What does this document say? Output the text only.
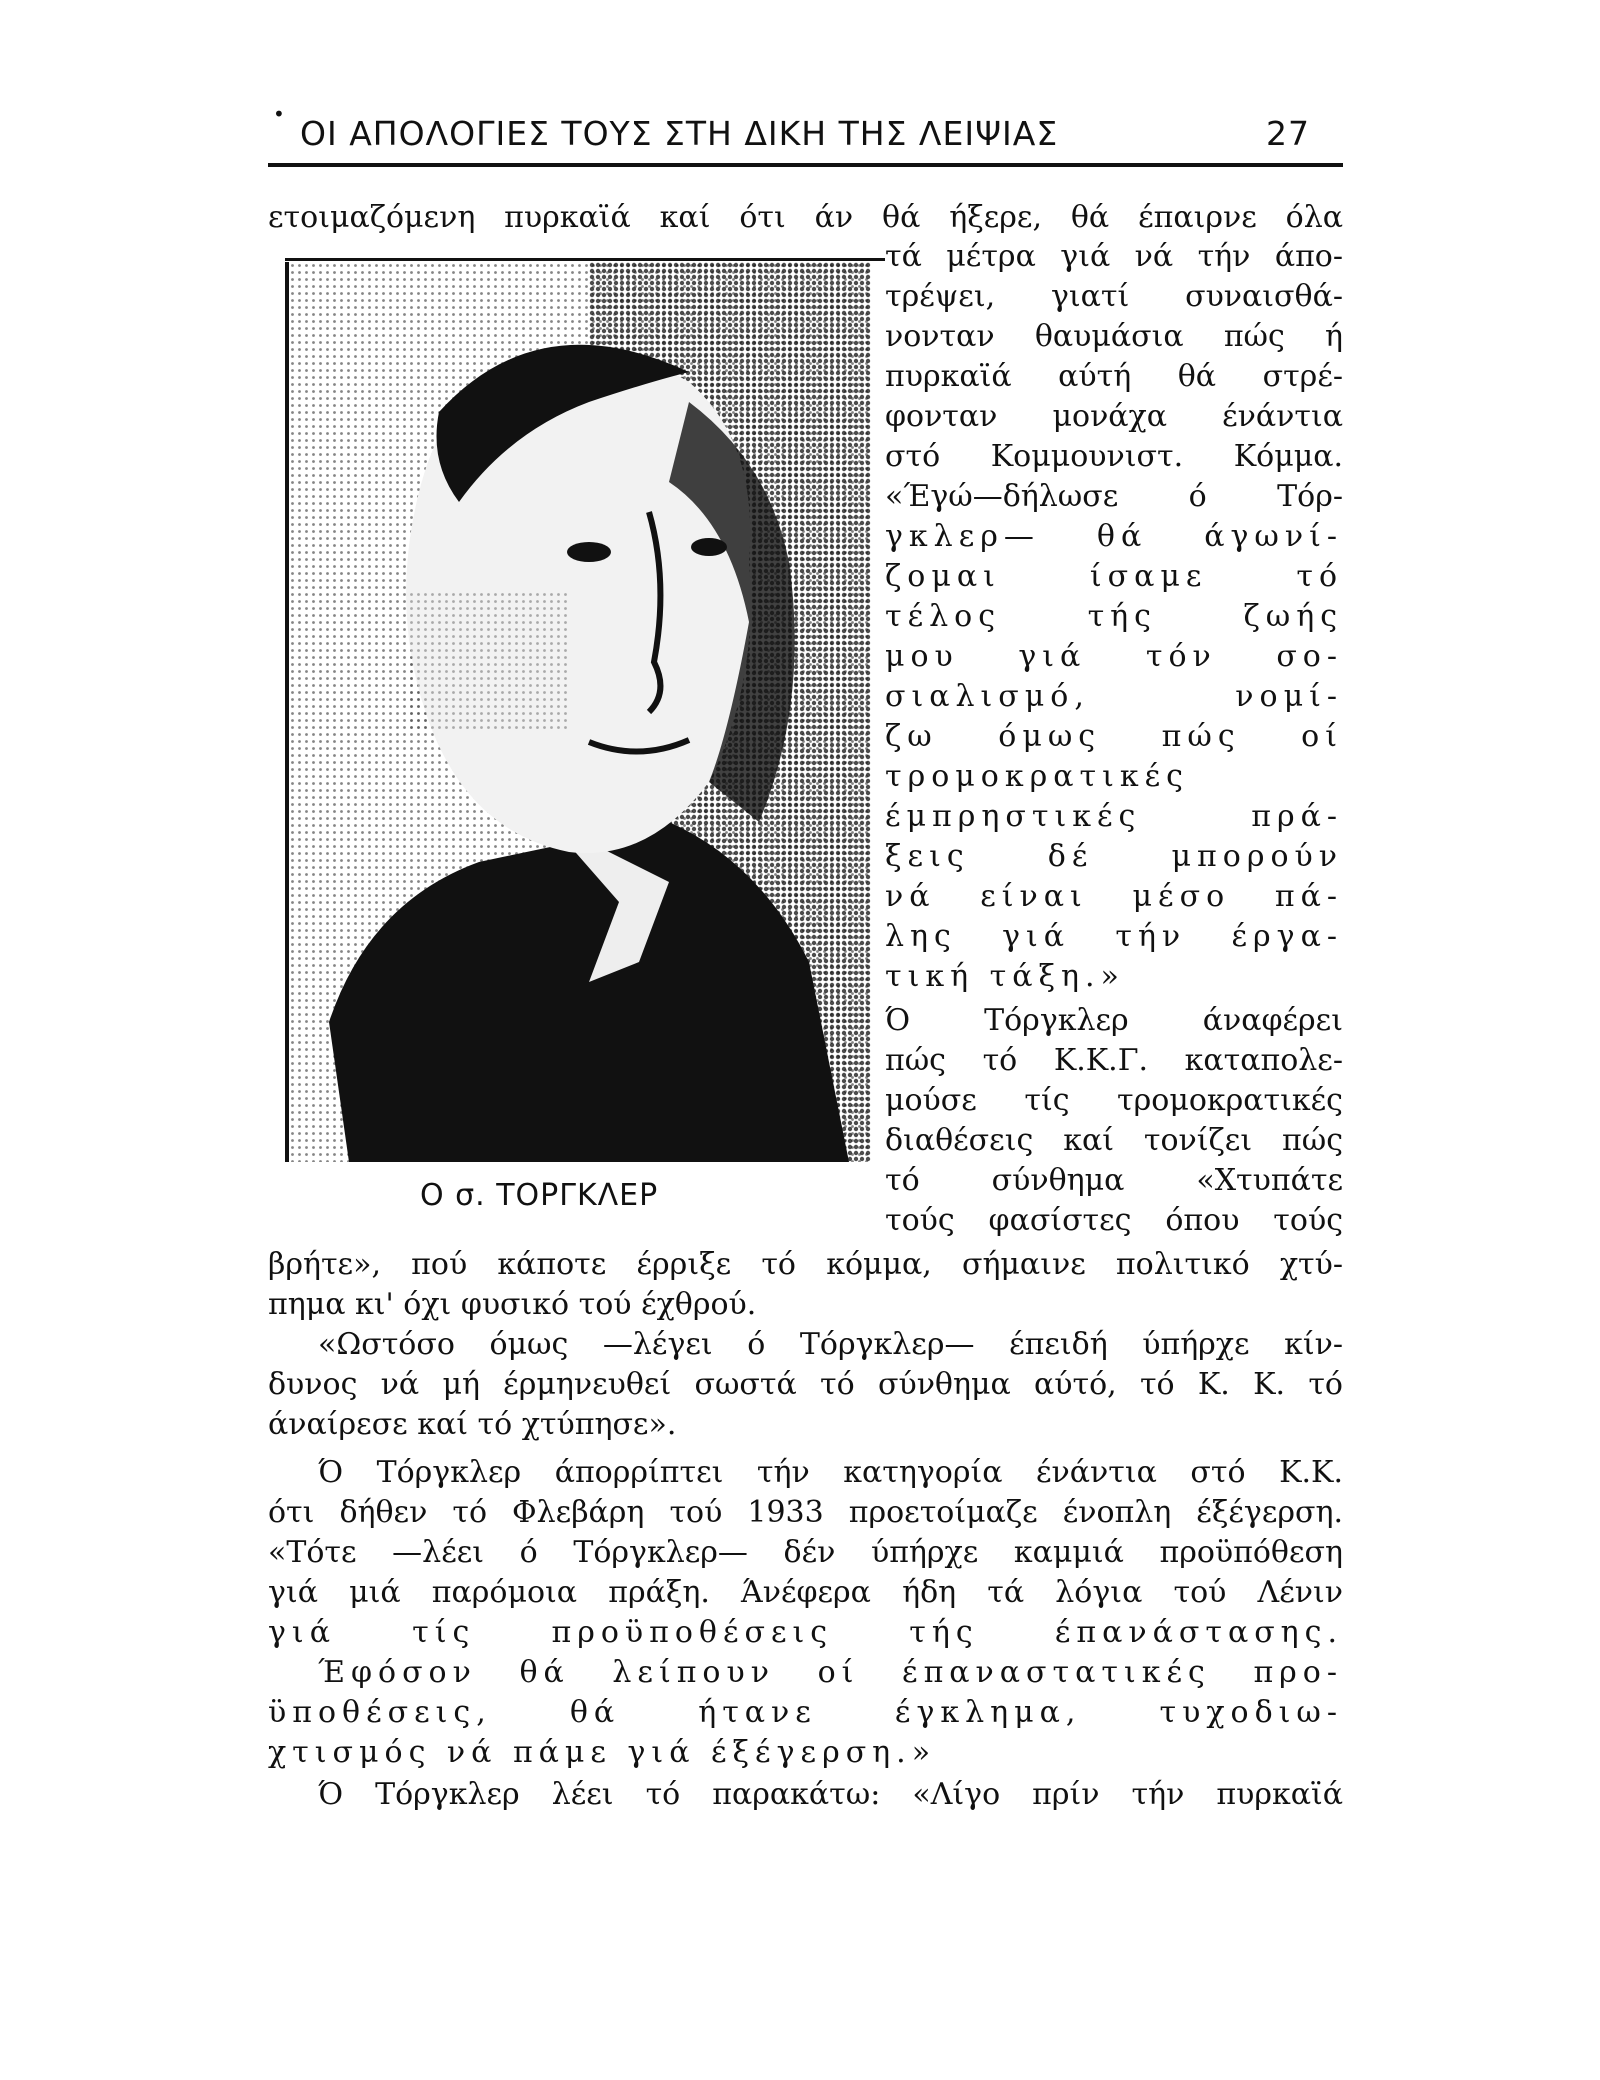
• ΟΙ ΑΠΟΛΟΓΙΕΣ ΤΟΥΣ ΣΤΗ ΔΙΚΗ ΤΗΣ ΛΕΙΨΙΑΣ	27
ετοιμαζόμενη πυρκαϊά καί ότι άν θά ήξερε, θά έπαιρνε όλα
Ο σ. ΤΟΡΓΚΛΕΡ
τά μέτρα γιά νά τήν άπο-
τρέψει, γιατί συναισθά-
νονταν θαυμάσια πώς ή
πυρκαϊά αύτή θά στρέ-
φονταν μονάχα ένάντια
στό Κομμουνιστ. Κόμμα.
«Έγώ—δήλωσε ό Τόρ-
γκλερ— θά άγωνί-
ζομαι ίσαμε τό
τέλος τής ζωής
μου γιά τόν σο-
σιαλισμό, νομί-
ζω όμως πώς οί
τρομοκρατικές
έμπρηστικές πρά-
ξεις δέ μπορούν
νά είναι μέσο πά-
λης γιά τήν έργα-
τική τάξη.»
Ό Τόργκλερ άναφέρει
πώς τό Κ.Κ.Γ. καταπολε-
μούσε τίς τρομοκρατικές
διαθέσεις καί τονίζει πώς
τό σύνθημα «Χτυπάτε
τούς φασίστες όπου τούς
βρήτε», πού κάποτε έρριξε τό κόμμα, σήμαινε πολιτικό χτύ-
πημα κι' όχι φυσικό τού έχθρού.
«Ωστόσο όμως —λέγει ό Τόργκλερ— έπειδή ύπήρχε κίν-
δυνος νά μή έρμηνευθεί σωστά τό σύνθημα αύτό, τό Κ. Κ. τό
άναίρεσε καί τό χτύπησε».
Ό Τόργκλερ άπορρίπτει τήν κατηγορία ένάντια στό Κ.Κ.
ότι δήθεν τό Φλεβάρη τού 1933 προετοίμαζε ένοπλη έξέγερση.
«Τότε —λέει ό Τόργκλερ— δέν ύπήρχε καμμιά προϋπόθεση
γιά μιά παρόμοια πράξη. Άνέφερα ήδη τά λόγια τού Λένιν
γιά τίς προϋποθέσεις τής έπανάστασης.
Έφόσον θά λείπουν οί έπαναστατικές προ-
ϋποθέσεις, θά ήτανε έγκλημα, τυχοδιω-
χτισμός νά πάμε γιά έξέγερση.»
Ό Τόργκλερ λέει τό παρακάτω: «Λίγο πρίν τήν πυρκαϊά
